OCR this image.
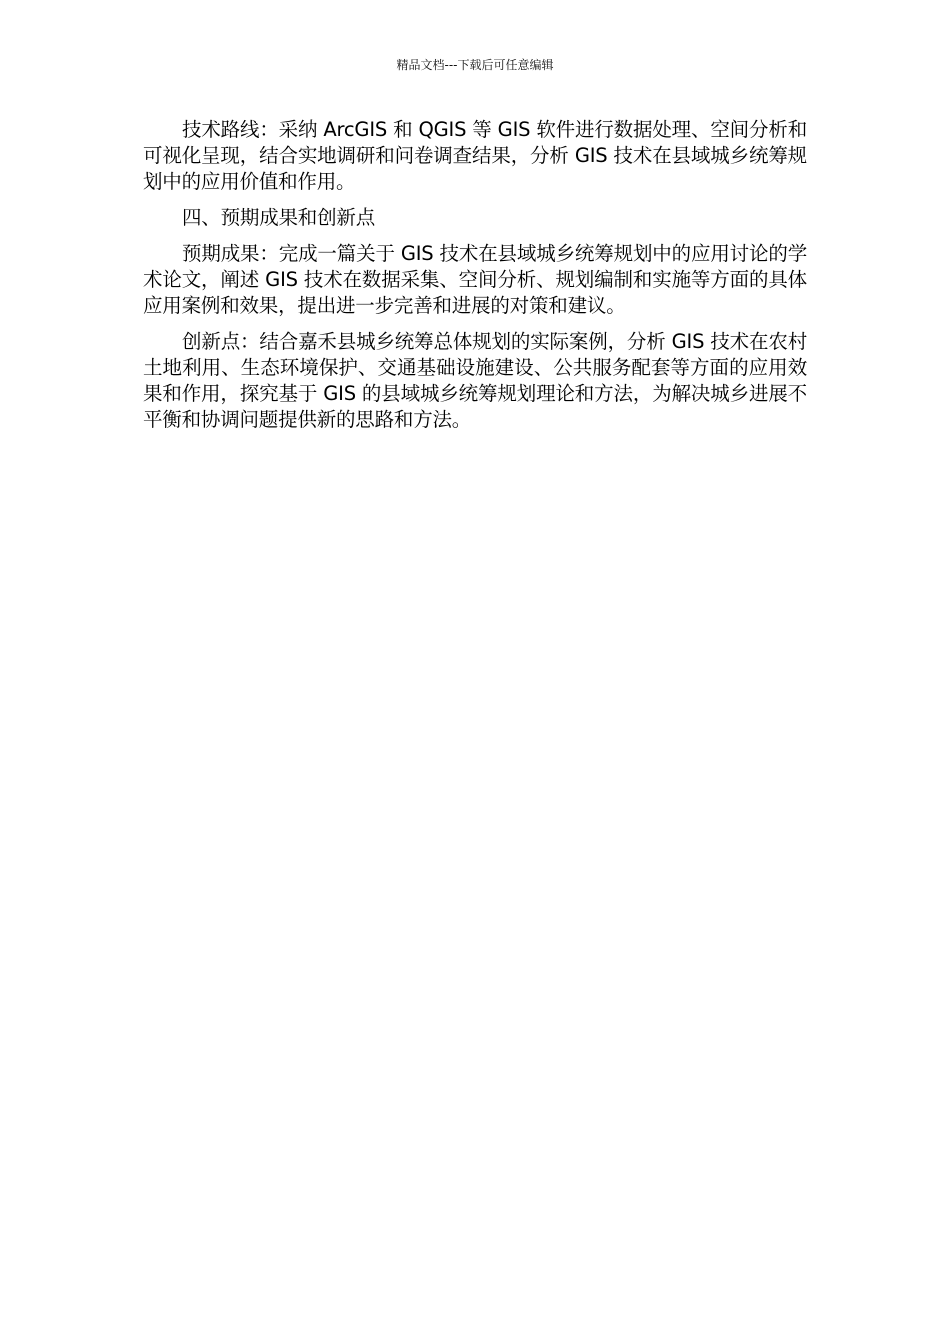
精品文档---下载后可任意编辑

技术路线：采纳 ArcGIS 和 QGIS 等 GIS 软件进行数据处理、空间分析和可视化呈现，结合实地调研和问卷调查结果，分析 GIS 技术在县域城乡统筹规划中的应用价值和作用。

四、预期成果和创新点

预期成果：完成一篇关于 GIS 技术在县域城乡统筹规划中的应用讨论的学术论文，阐述 GIS 技术在数据采集、空间分析、规划编制和实施等方面的具体应用案例和效果，提出进一步完善和进展的对策和建议。

创新点：结合嘉禾县城乡统筹总体规划的实际案例，分析 GIS 技术在农村土地利用、生态环境保护、交通基础设施建设、公共服务配套等方面的应用效果和作用，探究基于 GIS 的县域城乡统筹规划理论和方法，为解决城乡进展不平衡和协调问题提供新的思路和方法。
